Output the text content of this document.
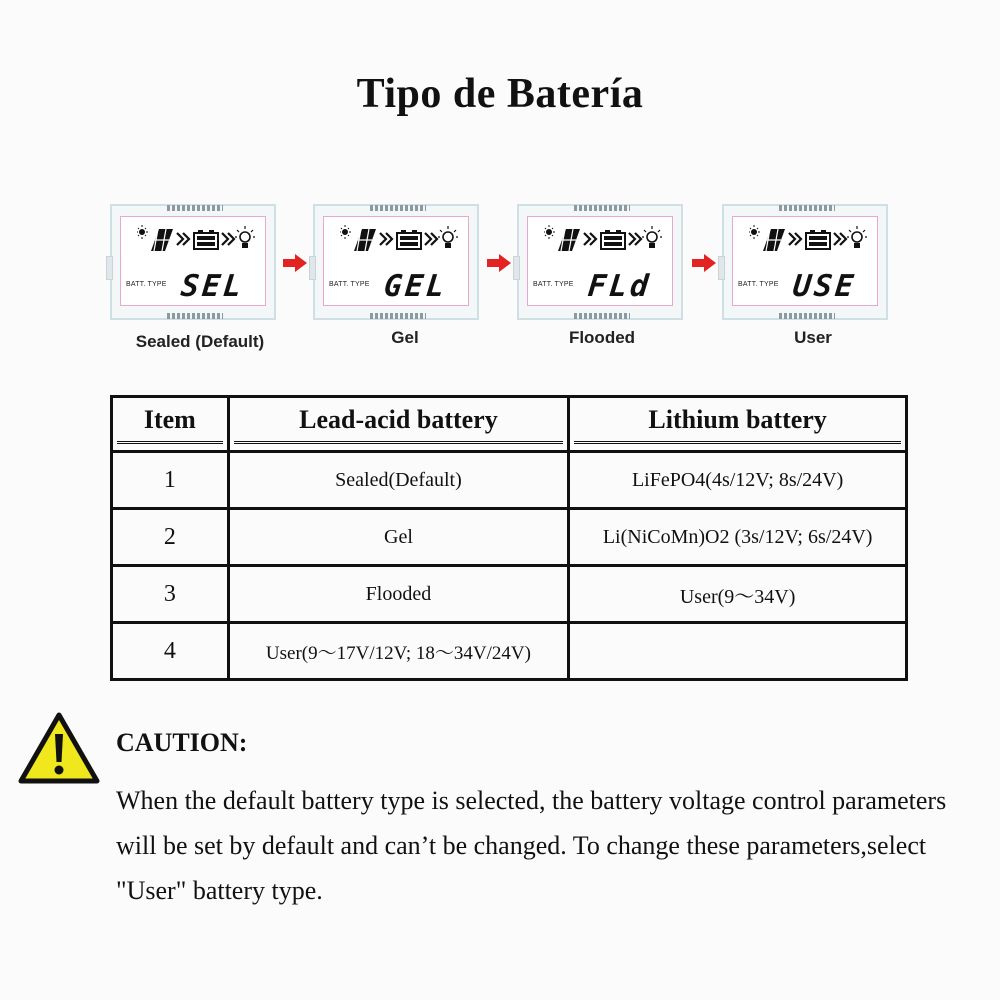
Tipo de Batería
BATT. TYPE SEL	BATT. TYPE GEL	BATT. TYPE FLd	BATT. TYPE USE
Sealed (Default)	Gel	Flooded	User
Item	Lead-acid battery	Lithium battery

1	Sealed(Default)	LiFePO4(4s/12V; 8s/24V)
2	Gel	Li(NiCoMn)O2 (3s/12V; 6s/24V)
3	Flooded	User(9～34V)
4	User(9～17V/12V; 18～34V/24V)	
CAUTION:
When the default battery type is selected, the battery voltage control parameters will be set by default and can’t be changed. To change these parameters,select "User" battery type.
